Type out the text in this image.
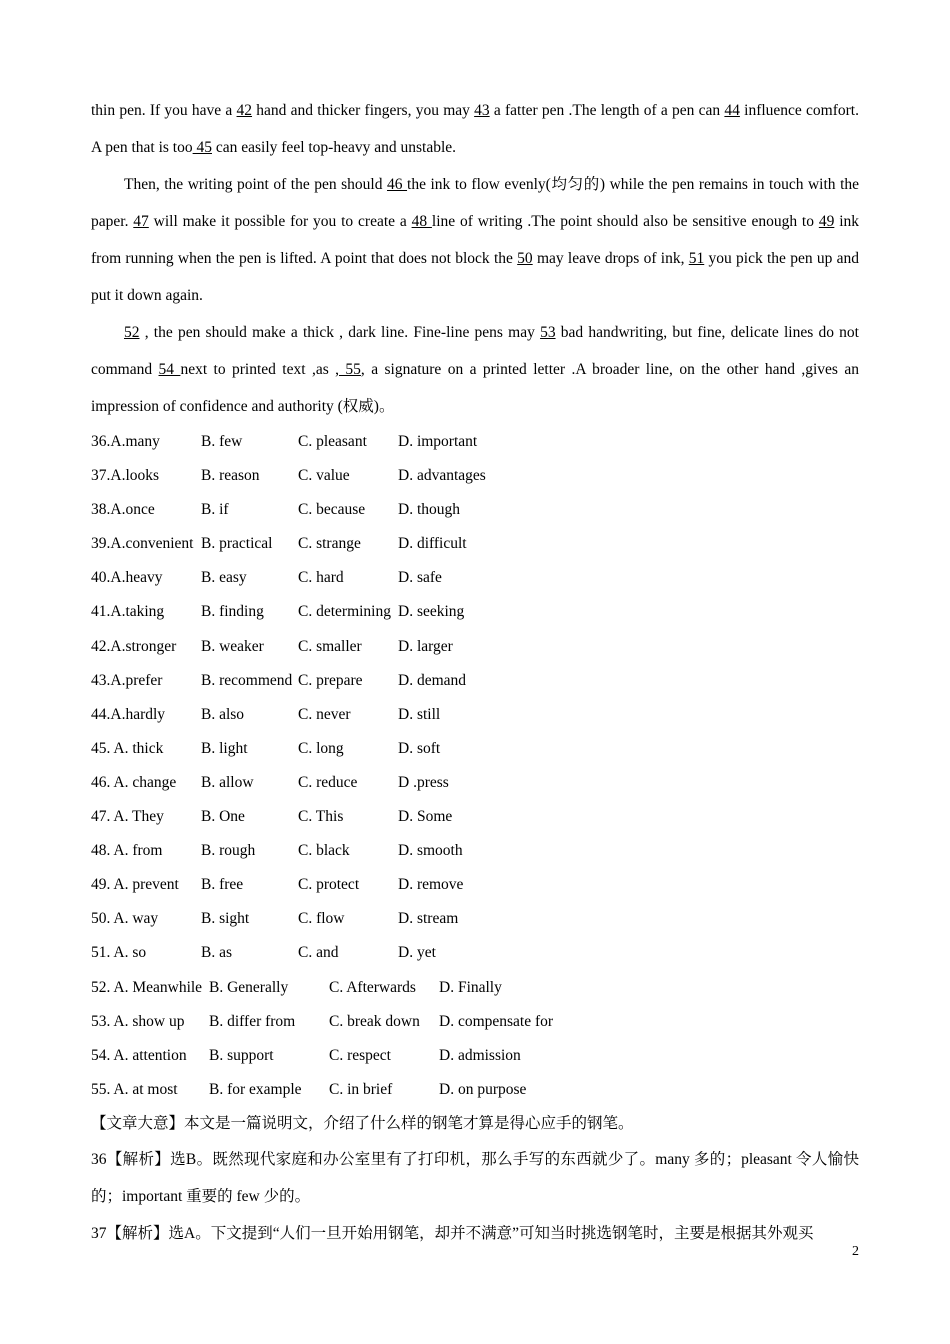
thin pen. If you have a 42 hand and thicker fingers, you may 43 a fatter pen .The length of a pen can 44 influence comfort. A pen that is too 45 can easily feel top-heavy and unstable.

Then, the writing point of the pen should 46 the ink to flow evenly(均匀的) while the pen remains in touch with the paper. 47 will make it possible for you to create a 48 line of writing .The point should also be sensitive enough to 49 ink from running when the pen is lifted. A point that does not block the 50 may leave drops of ink, 51 you pick the pen up and put it down again.

52 , the pen should make a thick , dark line. Fine-line pens may 53 bad handwriting, but fine, delicate lines do not command 54 next to printed text ,as , 55, a signature on a printed letter .A broader line, on the other hand ,gives an impression of confidence and authority (权威)。

36.A.many	B. few	C. pleasant D. important
37.A.looks	B. reason C. value	D. advantages
38.A.once	B. if	C. because D. though
39.A.convenient B. practical C. strange D. difficult
40.A.heavy B. easy	C. hard	D. safe
41.A.taking B. finding C. determining D. seeking
42.A.stronger B. weaker C. smaller D. larger
43.A.prefer B. recommend C. prepare D. demand
44.A.hardly B. also	C. never	D. still
45. A. thick B. light	C. long	D. soft
46. A. change B. allow	C. reduce	D .press
47. A. They B. One	C. This	D. Some
48. A. from B. rough	C. black	D. smooth
49. A. prevent B. free	C. protect	D. remove
50. A. way	B. sight	C. flow	D. stream
51. A. so	B. as	C. and	D. yet
52. A. Meanwhile B. Generally	C. Afterwards D. Finally
53. A. show up B. differ from C. break down D. compensate for
54. A. attention B. support	C. respect	D. admission
55. A. at most B. for example C. in brief	D. on purpose

【文章大意】本文是一篇说明文，介绍了什么样的钢笔才算是得心应手的钢笔。

36【解析】选B。既然现代家庭和办公室里有了打印机，那么手写的东西就少了。many 多的；pleasant 令人愉快的；important 重要的 few 少的。

37【解析】选A。下文提到“人们一旦开始用钢笔，却并不满意”可知当时挑选钢笔时，主要是根据其外观买

2
